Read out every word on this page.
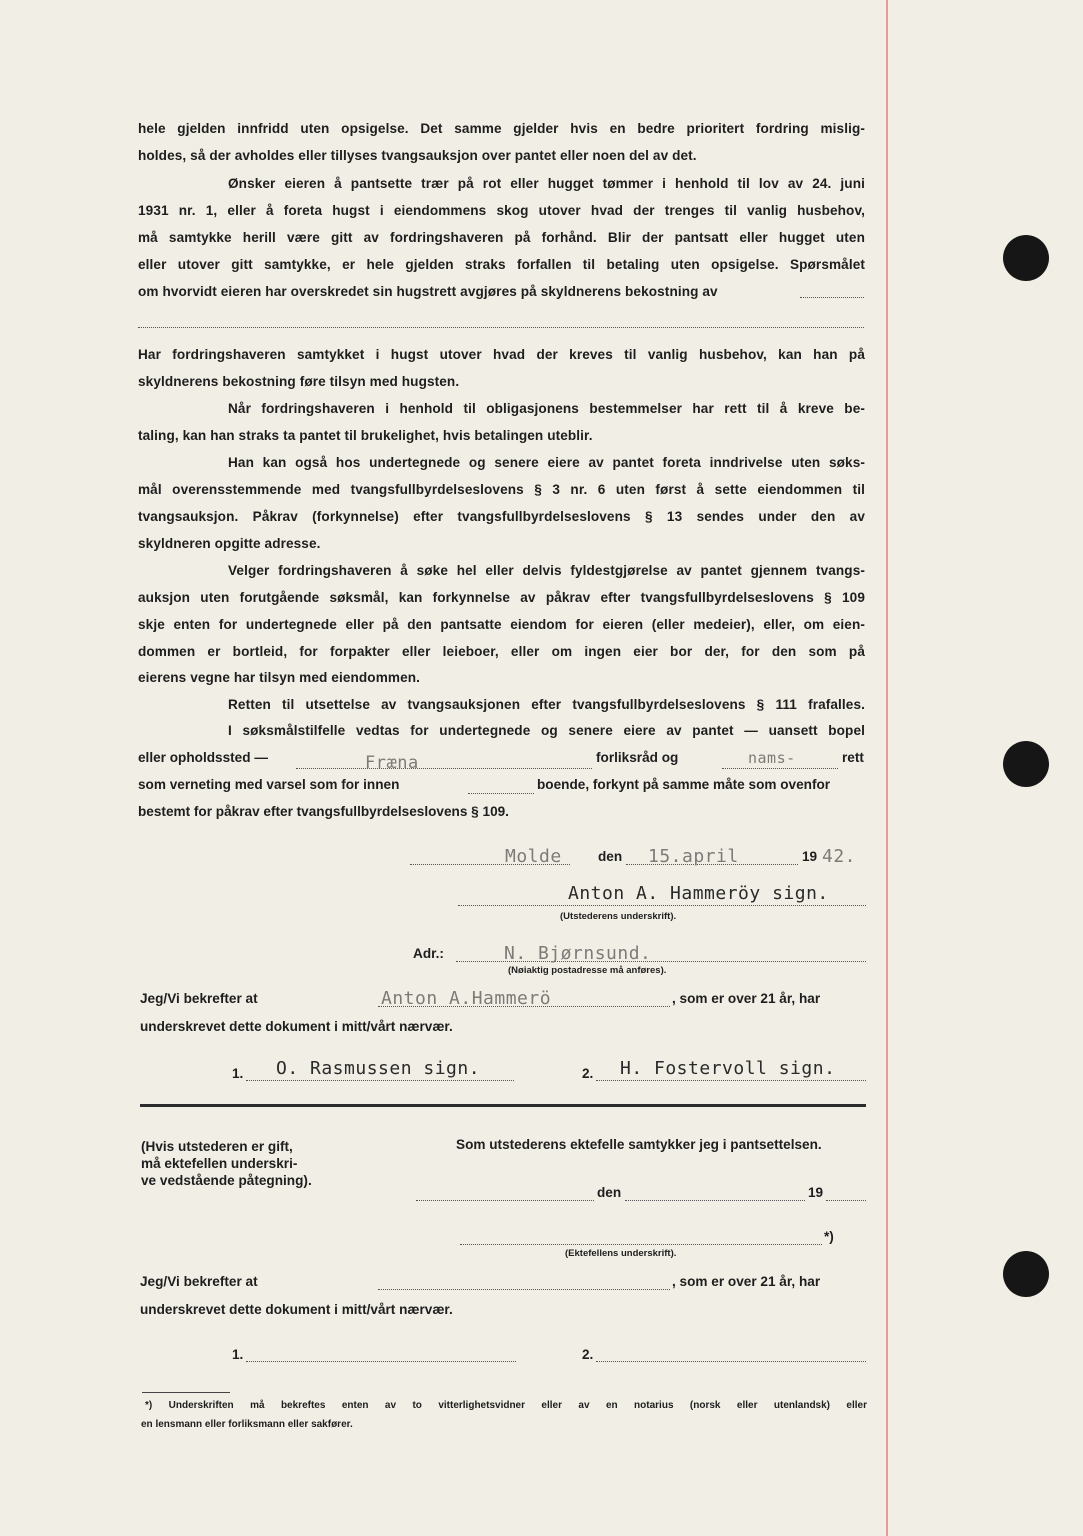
hele gjelden innfridd uten opsigelse. Det samme gjelder hvis en bedre prioritert fordring mislig-
holdes, så der avholdes eller tillyses tvangsauksjon over pantet eller noen del av det.
Ønsker eieren å pantsette trær på rot eller hugget tømmer i henhold til lov av 24. juni
1931 nr. 1, eller å foreta hugst i eiendommens skog utover hvad der trenges til vanlig husbehov,
må samtykke herill være gitt av fordringshaveren på forhånd. Blir der pantsatt eller hugget uten
eller utover gitt samtykke, er hele gjelden straks forfallen til betaling uten opsigelse. Spørsmålet
om hvorvidt eieren har overskredet sin hugstrett avgjøres på skyldnerens bekostning av
Har fordringshaveren samtykket i hugst utover hvad der kreves til vanlig husbehov, kan han på
skyldnerens bekostning føre tilsyn med hugsten.
Når fordringshaveren i henhold til obligasjonens bestemmelser har rett til å kreve be-
taling, kan han straks ta pantet til brukelighet, hvis betalingen uteblir.
Han kan også hos undertegnede og senere eiere av pantet foreta inndrivelse uten søks-
mål overensstemmende med tvangsfullbyrdelseslovens § 3 nr. 6 uten først å sette eiendommen til
tvangsauksjon. Påkrav (forkynnelse) efter tvangsfullbyrdelseslovens § 13 sendes under den av
skyldneren opgitte adresse.
Velger fordringshaveren å søke hel eller delvis fyldestgjørelse av pantet gjennem tvangs-
auksjon uten forutgående søksmål, kan forkynnelse av påkrav efter tvangsfullbyrdelseslovens § 109
skje enten for undertegnede eller på den pantsatte eiendom for eieren (eller medeier), eller, om eien-
dommen er bortleid, for forpakter eller leieboer, eller om ingen eier bor der, for den som på
eierens vegne har tilsyn med eiendommen.
Retten til utsettelse av tvangsauksjonen efter tvangsfullbyrdelseslovens § 111 frafalles.
I søksmålstilfelle vedtas for undertegnede og senere eiere av pantet — uansett bopel
eller opholdssted —	Fræna	forliksråd og	nams-	rett
som verneting med varsel som for innen	boende, forkynt på samme måte som ovenfor
bestemt for påkrav efter tvangsfullbyrdelseslovens § 109.
Molde	den 15.april	19 42.
Anton A. Hammeröy sign.
(Utstederens underskrift).
Adr.:	N. Bjørnsund.
(Nøiaktig postadresse må anføres).
Jeg/Vi bekrefter at	Anton A.Hammerö	, som er over 21 år, har
underskrevet dette dokument i mitt/vårt nærvær.
1. O. Rasmussen sign.	2. H. Fostervoll sign.
(Hvis utstederen er gift,
må ektefellen underskri-
ve vedstående påtegning).
Som utstederens ektefelle samtykker jeg i pantsettelsen.
den	19
*)
(Ektefellens underskrift).
Jeg/Vi bekrefter at	, som er over 21 år, har
underskrevet dette dokument i mitt/vårt nærvær.
1.	2.
*) Underskriften må bekreftes enten av to vitterlighetsvidner eller av en notarius (norsk eller utenlandsk) eller
en lensmann eller forliksmann eller sakfører.
